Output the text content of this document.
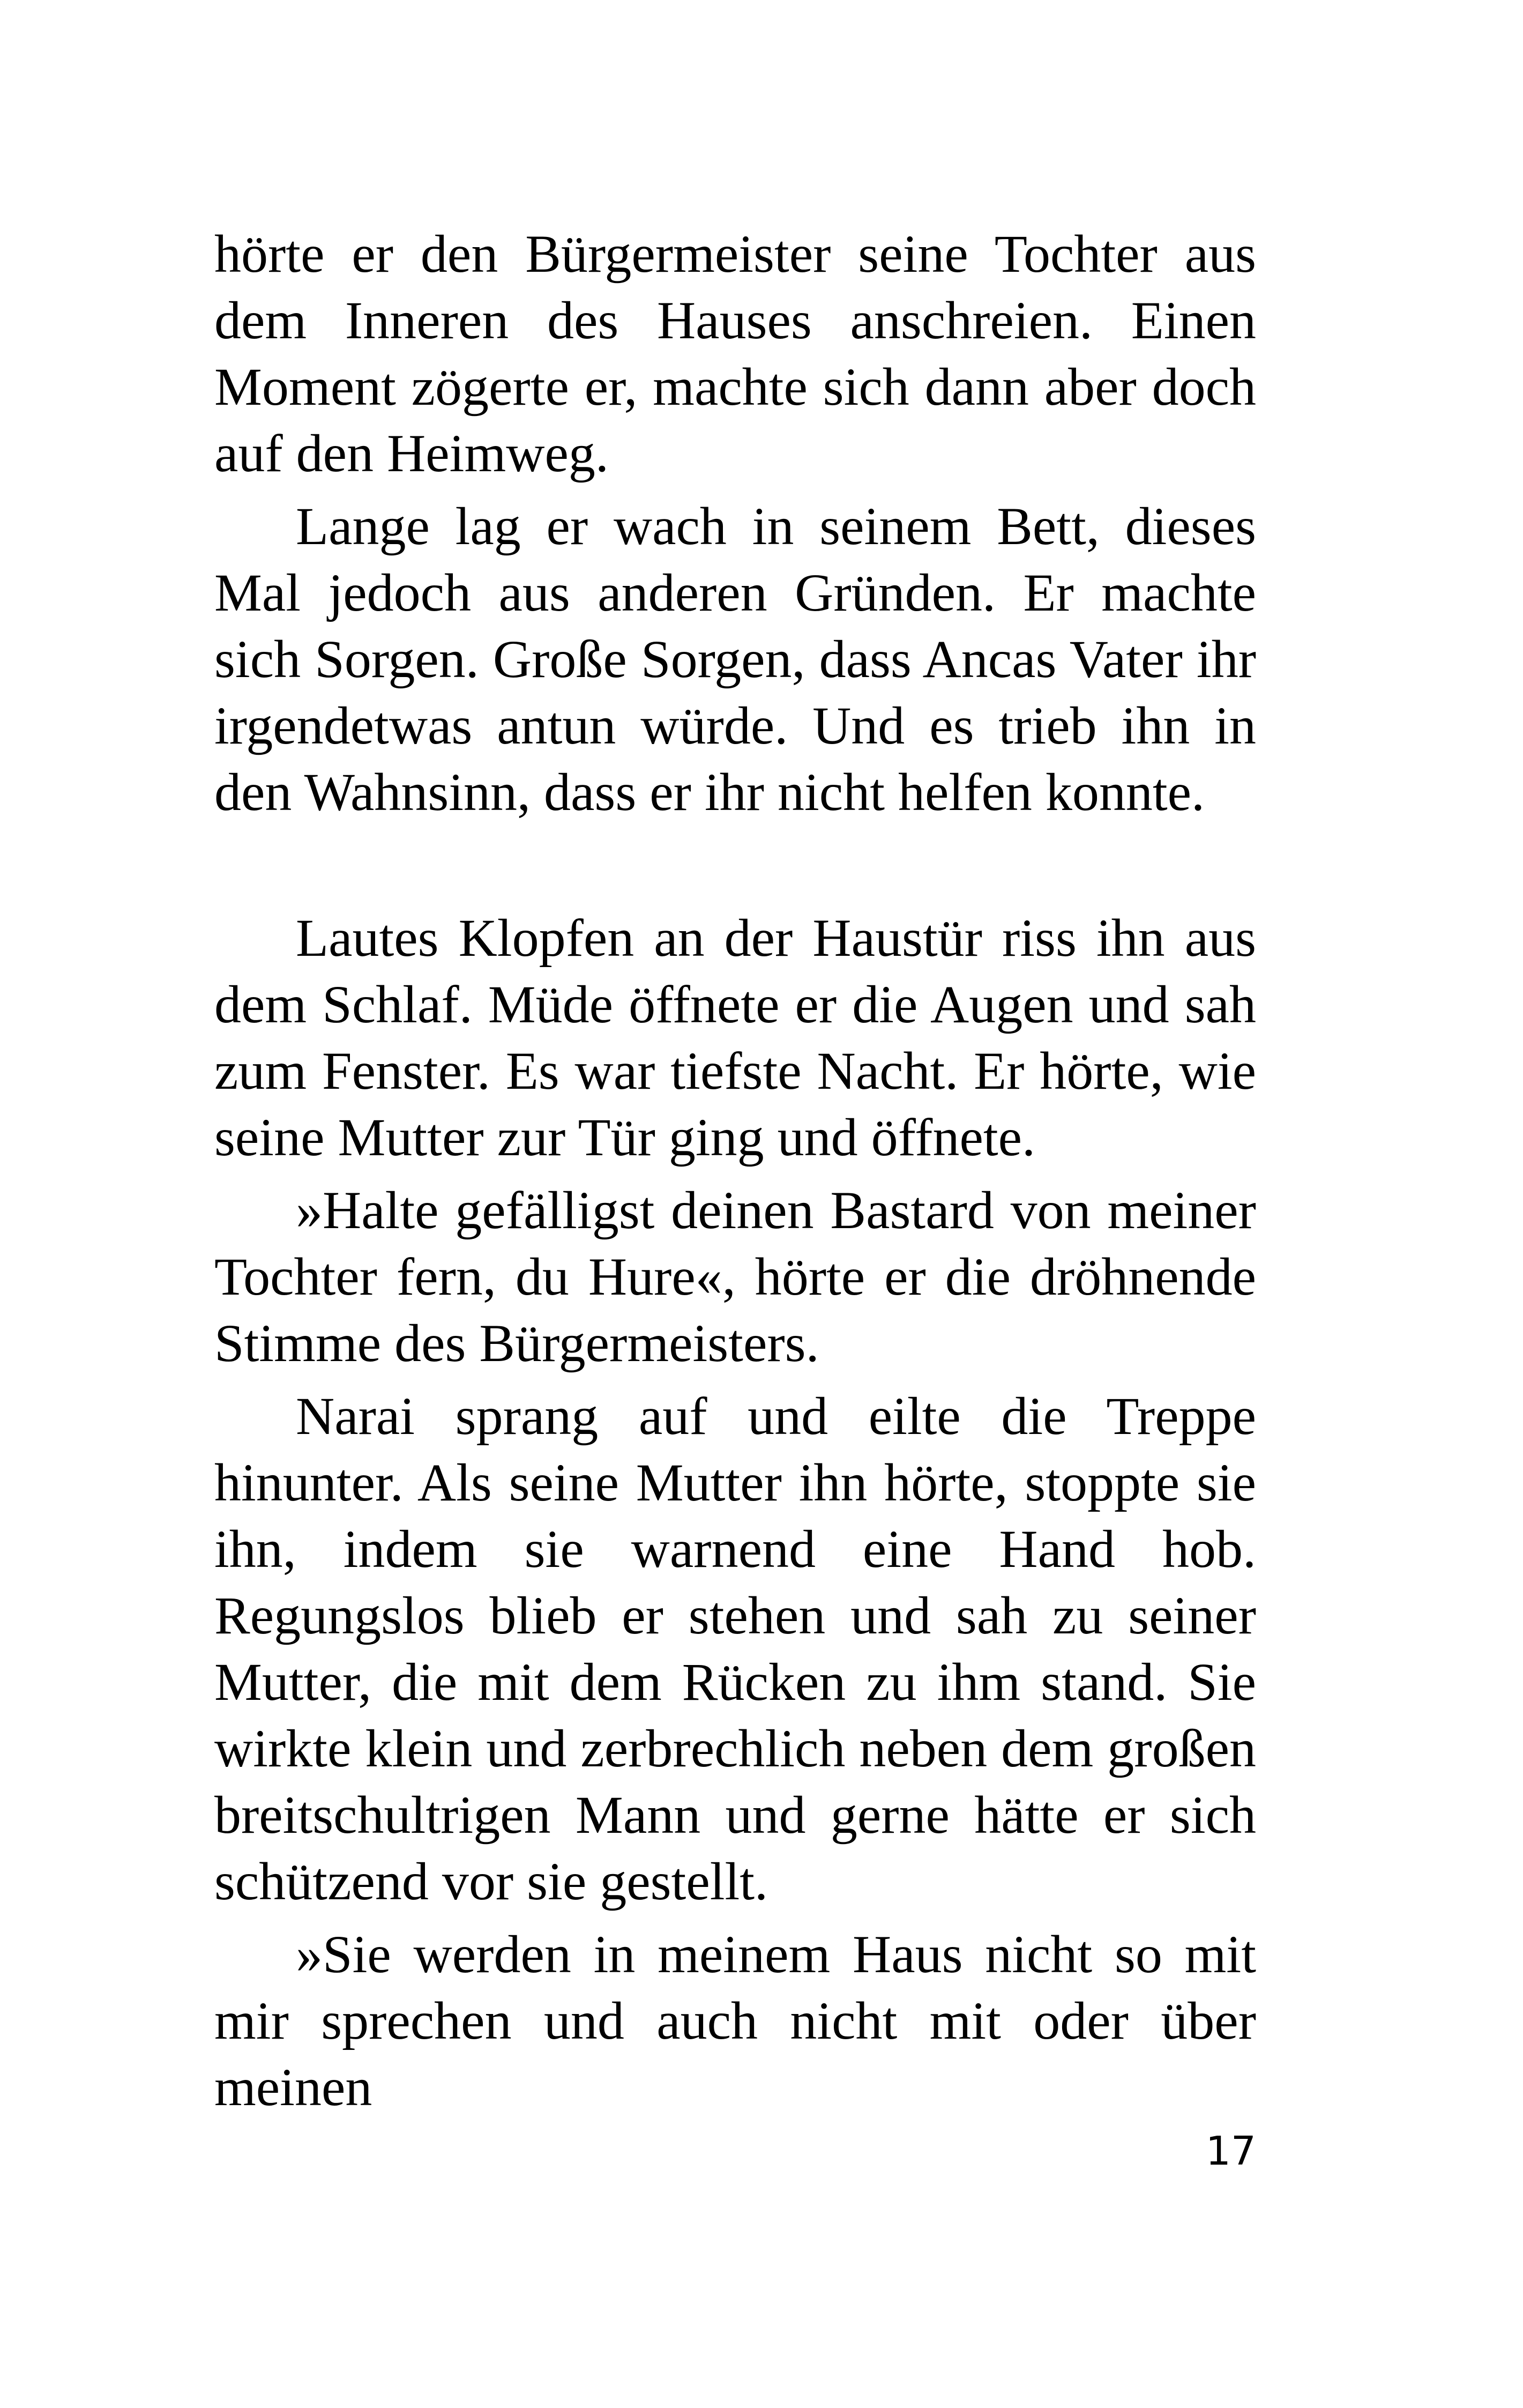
hörte er den Bürgermeister seine Tochter aus dem Inneren des Hauses anschreien. Einen Moment zögerte er, machte sich dann aber doch auf den Heimweg.

Lange lag er wach in seinem Bett, dieses Mal jedoch aus anderen Gründen. Er machte sich Sorgen. Große Sorgen, dass Ancas Vater ihr irgendetwas antun würde. Und es trieb ihn in den Wahnsinn, dass er ihr nicht helfen konnte.

Lautes Klopfen an der Haustür riss ihn aus dem Schlaf. Müde öffnete er die Augen und sah zum Fenster. Es war tiefste Nacht. Er hörte, wie seine Mutter zur Tür ging und öffnete.

»Halte gefälligst deinen Bastard von meiner Tochter fern, du Hure«, hörte er die dröhnende Stimme des Bürgermeisters.

Narai sprang auf und eilte die Treppe hinunter. Als seine Mutter ihn hörte, stoppte sie ihn, indem sie warnend eine Hand hob. Regungslos blieb er stehen und sah zu seiner Mutter, die mit dem Rücken zu ihm stand. Sie wirkte klein und zerbrechlich neben dem großen breitschultrigen Mann und gerne hätte er sich schützend vor sie gestellt.

»Sie werden in meinem Haus nicht so mit mir sprechen und auch nicht mit oder über meinen

17
